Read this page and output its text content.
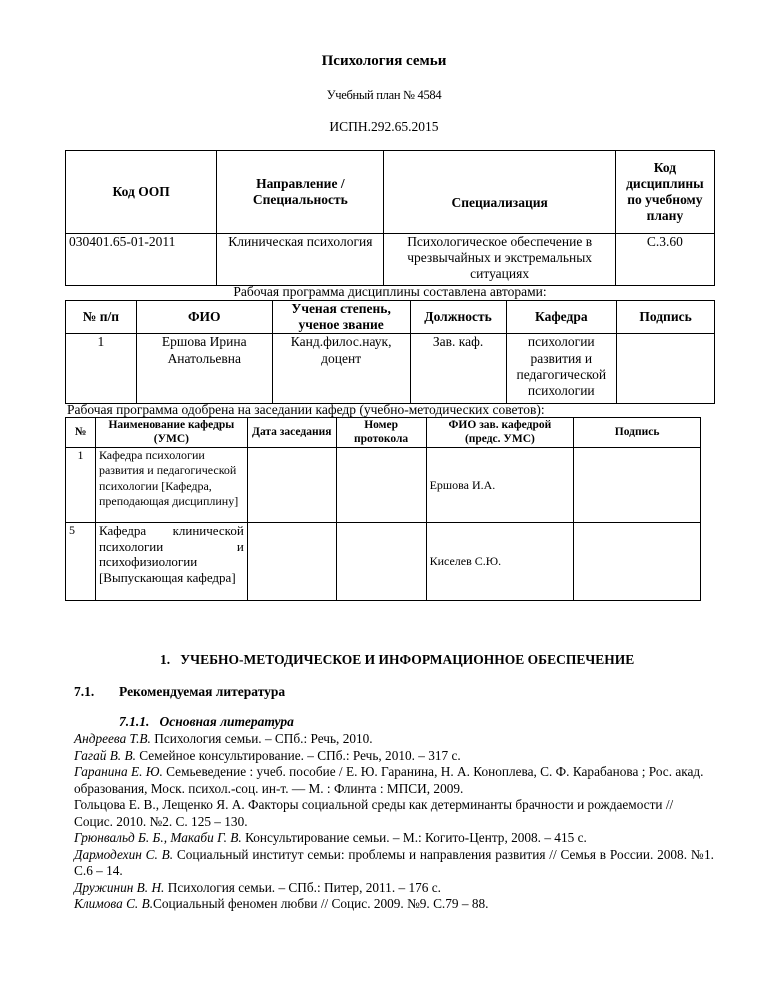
Психология семьи
Учебный план № 4584
ИСПН.292.65.2015
Код ООП	Направление / Специальность	Специализация	Код дисциплины по учебному плану
030401.65-01-2011	Клиническая психология	Психологическое обеспечение в чрезвычайных и экстремальных ситуациях	С.3.60
Рабочая программа дисциплины составлена авторами:
№ п/п	ФИО	Ученая степень, ученое звание	Должность	Кафедра	Подпись
1	Ершова Ирина Анатольевна	Канд.филос.наук, доцент	Зав. каф.	психологии развития и педагогической психологии	
Рабочая программа одобрена на заседании кафедр (учебно-методических советов):
№	Наименование кафедры (УМС)	Дата заседания	Номер протокола	ФИО зав. кафедрой (предс. УМС)	Подпись
1	Кафедра психологии развития и педагогической психологии [Кафедра, преподающая дисциплину]			Ершова И.А.	
5	Кафедра клинической психологии и психофизиологии [Выпускающая кафедра]			Киселев С.Ю.	
1.   УЧЕБНО-МЕТОДИЧЕСКОЕ И ИНФОРМАЦИОННОЕ ОБЕСПЕЧЕНИЕ
7.1. Рекомендуемая литература
7.1.1.   Основная литература

Андреева Т.В. Психология семьи. – СПб.: Речь, 2010.

Гагай В. В. Семейное консультирование. – СПб.: Речь, 2010. – 317 с.

Гаранина Е. Ю. Семьеведение : учеб. пособие / Е. Ю. Гаранина, Н. А. Коноплева, С. Ф. Карабанова ; Рос. акад. образования, Моск. психол.-соц. ин-т. — М. : Флинта : МПСИ, 2009.

Гольцова Е. В., Лещенко Я. А. Факторы социальной среды как детерминанты брачности и рождаемости // Социс. 2010. №2. С. 125 – 130.

Грюнвальд Б. Б., Макаби Г. В. Консультирование семьи. – М.: Когито-Центр, 2008. – 415 с.

Дармодехин С. В. Социальный институт семьи: проблемы и направления развития // Семья в России. 2008. №1. С.6 – 14.

Дружинин В. Н. Психология семьи. – СПб.: Питер, 2011. – 176 с.

Климова С. В.Социальный феномен любви // Социс. 2009. №9. С.79 – 88.
